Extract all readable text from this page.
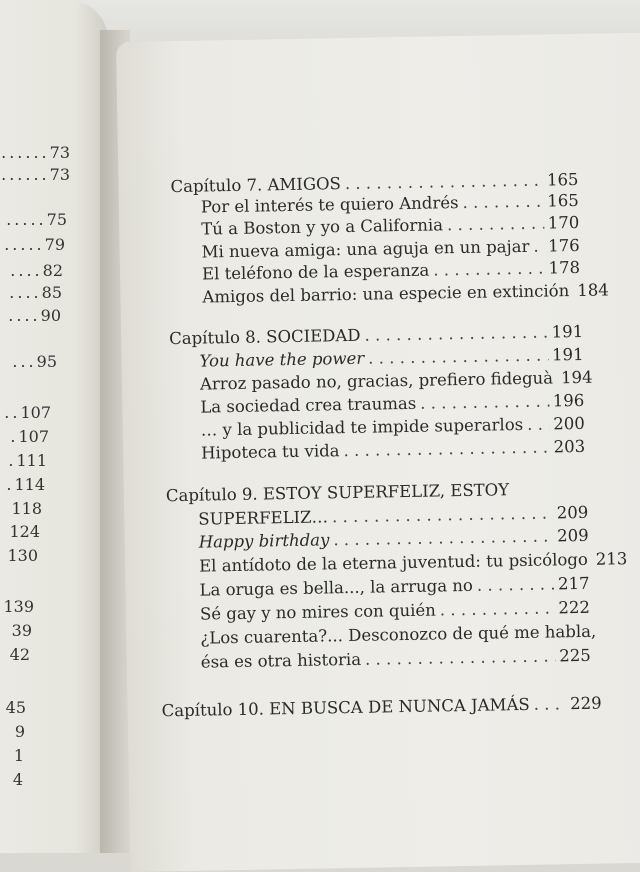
......73
......73
.....75
.....79
....82
....85
....90
...95
..107
.107
.111
.114
118
124
130
139
39
42
45
9
1
4
Capítulo 7. AMIGOS . . .	165
Por el interés te quiero Andrés . . .	165
Tú a Boston y yo a California . . .	170
Mi nueva amiga: una aguja en un pajar . . . 176
El teléfono de la esperanza . . .	178
Amigos del barrio: una especie en extinción . . . 184
Capítulo 8. SOCIEDAD . . .	191
You have the power . . .	191
Arroz pasado no, gracias, prefiero fideguà . . . 194
La sociedad crea traumas . . .	196
… y la publicidad te impide superarlos . . . 200
Hipoteca tu vida . . .	203
Capítulo 9. ESTOY SUPERFELIZ, ESTOY
SUPERFELIZ… . . .	209
Happy birthday . . .	209
El antídoto de la eterna juventud: tu psicólogo . . . 213
La oruga es bella..., la arruga no . . .	217
Sé gay y no mires con quién . . .	222
¿Los cuarenta?... Desconozco de qué me habla,
ésa es otra historia . . .	225
Capítulo 10. EN BUSCA DE NUNCA JAMÁS . . . 229
